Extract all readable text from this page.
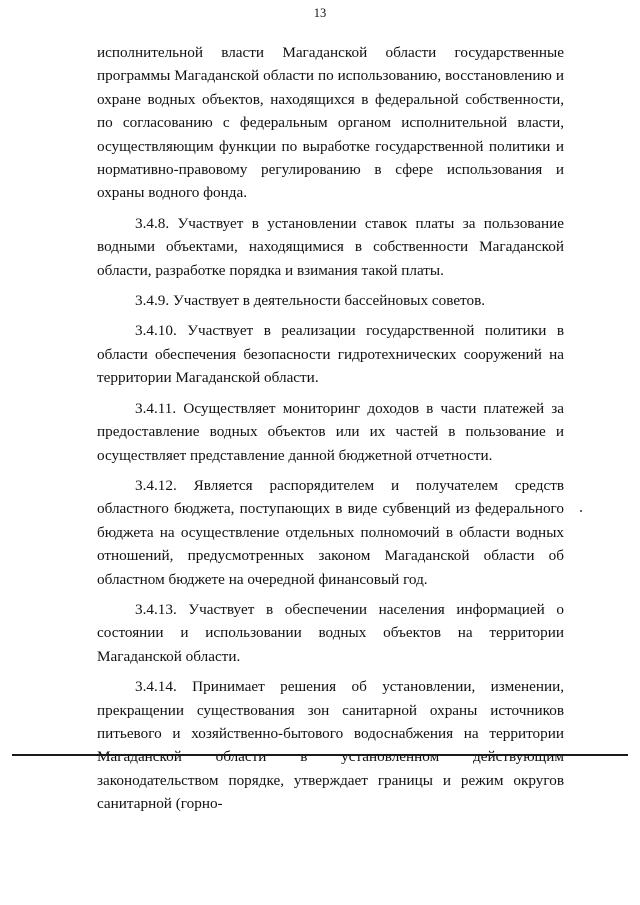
13

исполнительной власти Магаданской области государственные программы Магаданской области по использованию, восстановлению и охране водных объектов, находящихся в федеральной собственности, по согласованию с федеральным органом исполнительной власти, осуществляющим функции по выработке государственной политики и нормативно-правовому регулированию в сфере использования и охраны водного фонда.

3.4.8. Участвует в установлении ставок платы за пользование водными объектами, находящимися в собственности Магаданской области, разработке порядка и взимания такой платы.

3.4.9. Участвует в деятельности бассейновых советов.

3.4.10. Участвует в реализации государственной политики в области обеспечения безопасности гидротехнических сооружений на территории Магаданской области.

3.4.11. Осуществляет мониторинг доходов в части платежей за предоставление водных объектов или их частей в пользование и осуществляет представление данной бюджетной отчетности.

3.4.12. Является распорядителем и получателем средств областного бюджета, поступающих в виде субвенций из федерального бюджета на осуществление отдельных полномочий в области водных отношений, предусмотренных законом Магаданской области об областном бюджете на очередной финансовый год.

3.4.13. Участвует в обеспечении населения информацией о состоянии и использовании водных объектов на территории Магаданской области.

3.4.14. Принимает решения об установлении, изменении, прекращении существования зон санитарной охраны источников питьевого и хозяйственно-бытового водоснабжения на территории Магаданской области в установленном действующим законодательством порядке, утверждает границы и режим округов санитарной (горно-
